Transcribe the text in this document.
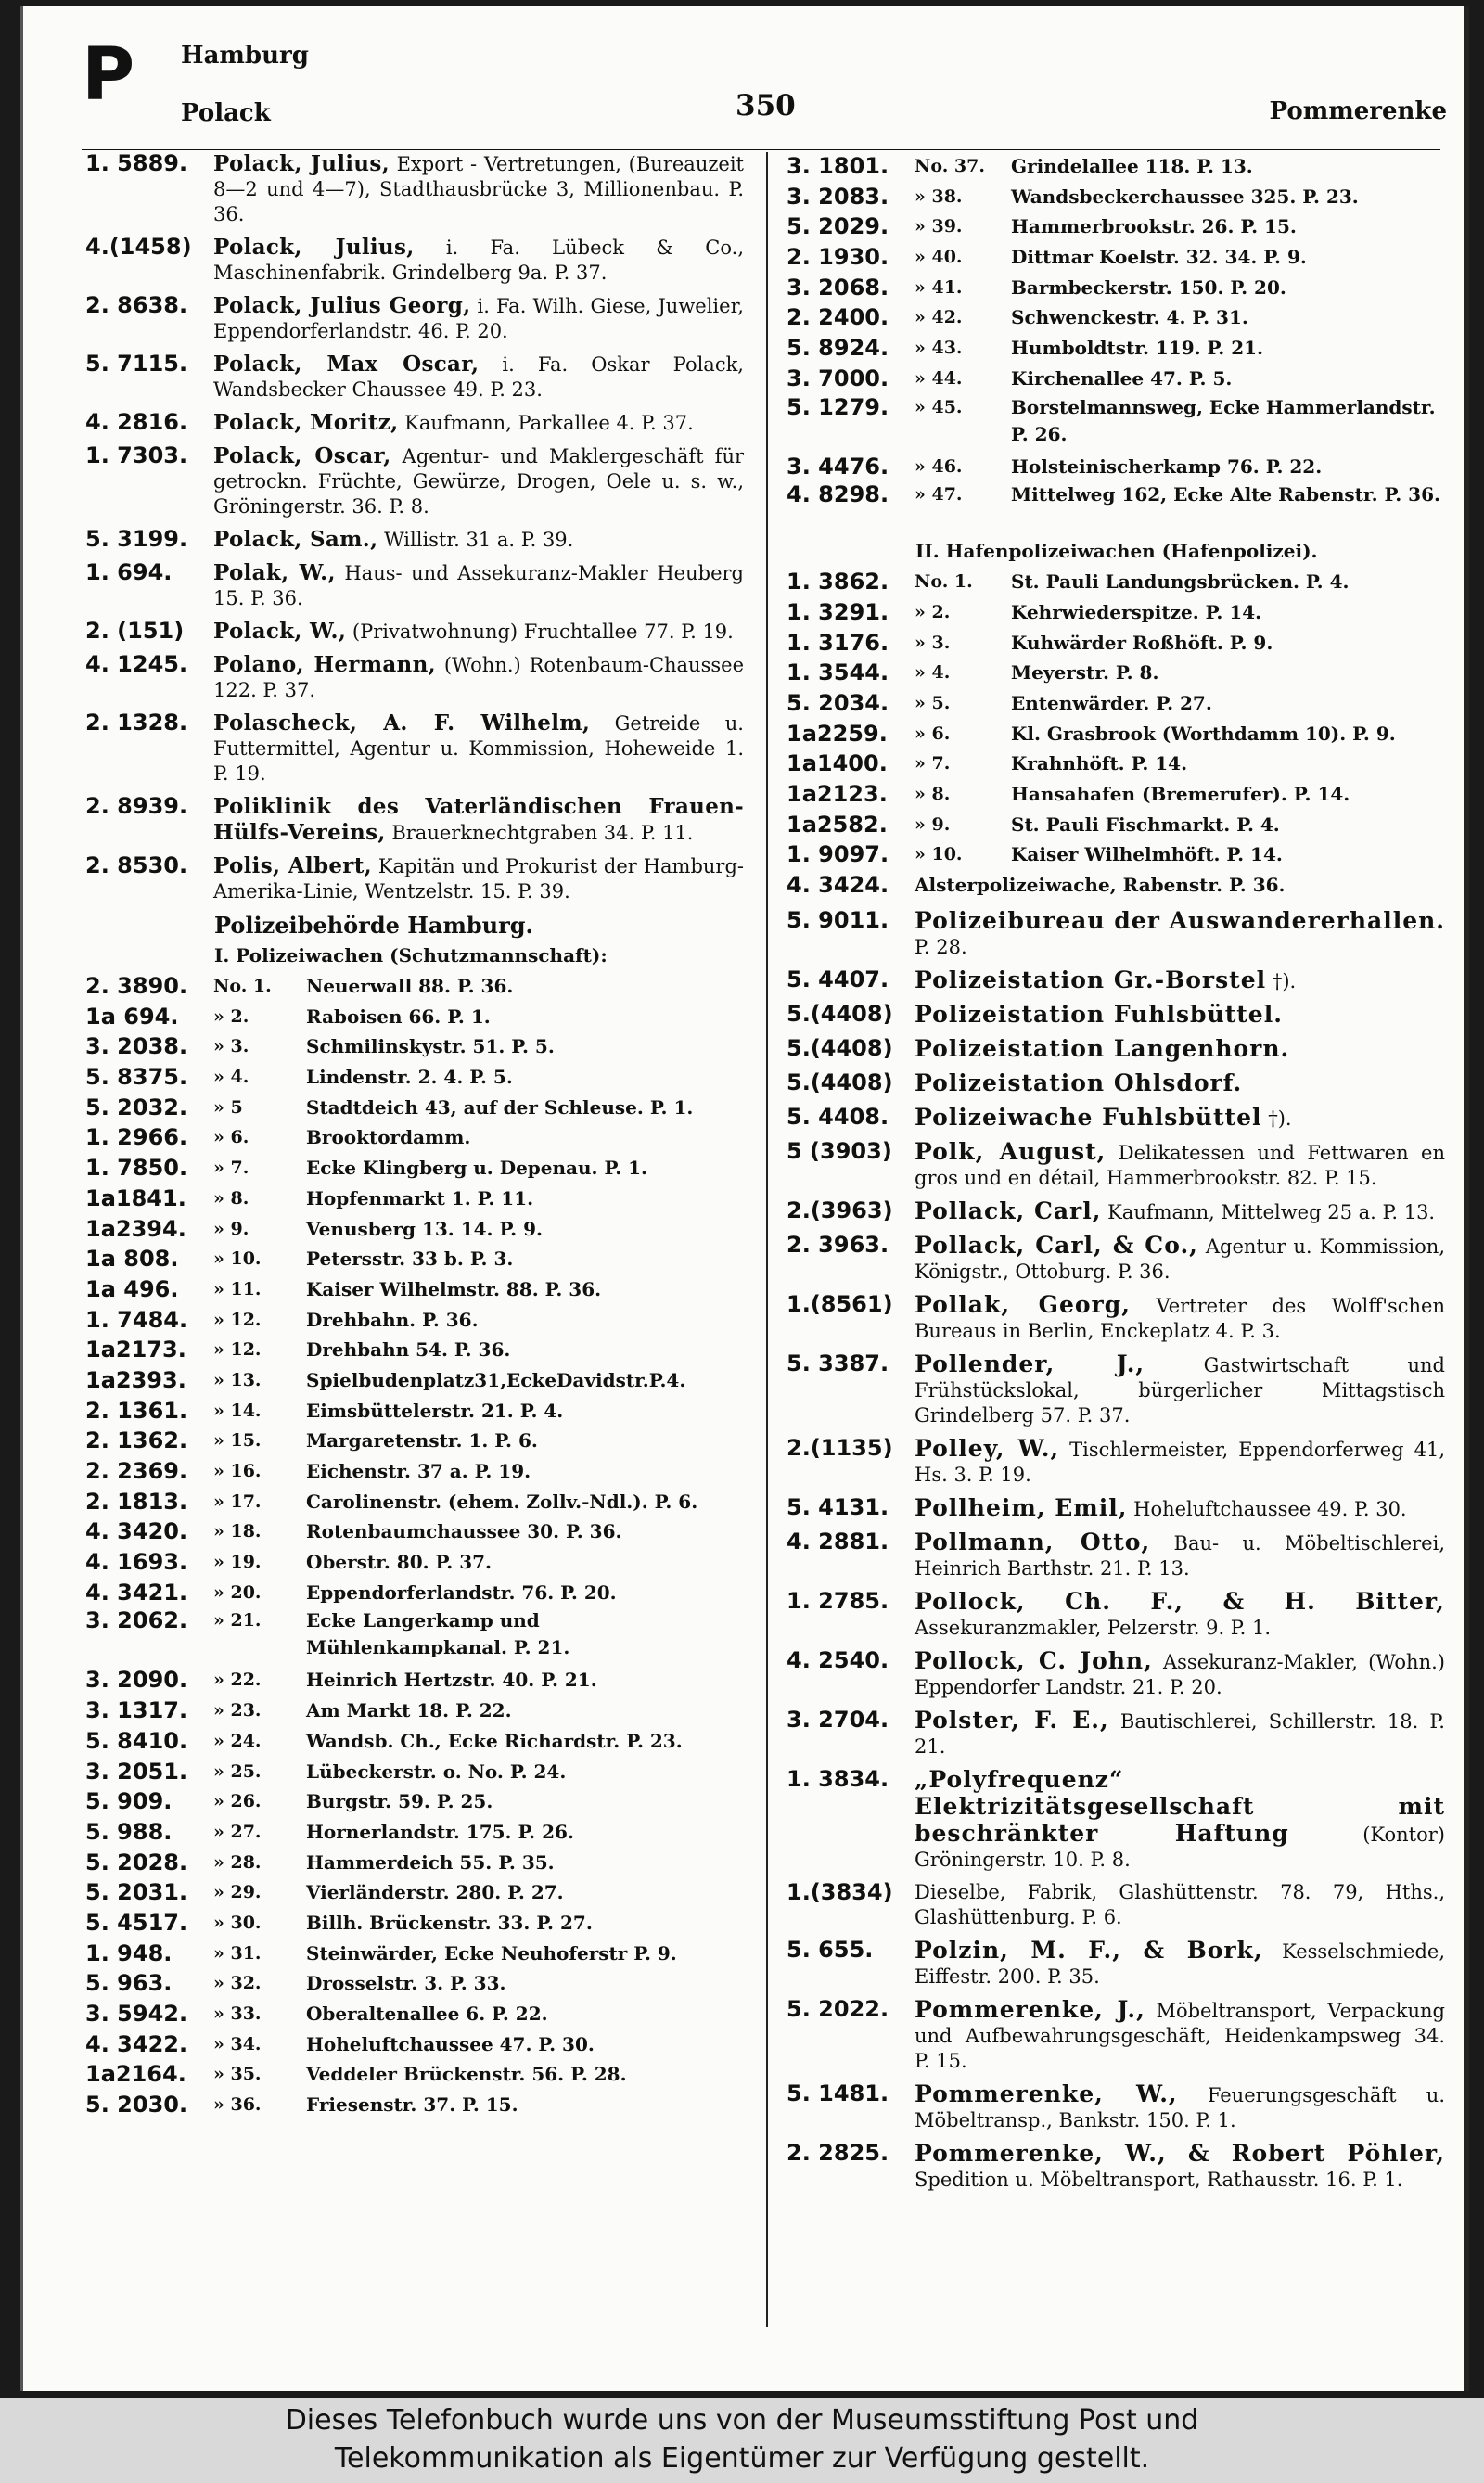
P Hamburg
Polack	350	Pommerenke
1. 5889.	Polack, Julius, Export - Vertretungen, (Bureauzeit 8—2 und 4—7), Stadthausbrücke 3, Millionenbau. P. 36.
4.(1458)	Polack, Julius, i. Fa. Lübeck & Co., Maschinenfabrik. Grindelberg 9a. P. 37.
2. 8638.	Polack, Julius Georg, i. Fa. Wilh. Giese, Juwelier, Eppendorferlandstr. 46. P. 20.
5. 7115.	Polack, Max Oscar, i. Fa. Oskar Polack, Wandsbecker Chaussee 49. P. 23.
4. 2816.	Polack, Moritz, Kaufmann, Parkallee 4. P. 37.
1. 7303.	Polack, Oscar, Agentur- und Maklergeschäft für getrockn. Früchte, Gewürze, Drogen, Oele u. s. w., Gröningerstr. 36. P. 8.
5. 3199.	Polack, Sam., Willistr. 31 a. P. 39.
1. 694.	Polak, W., Haus- und Assekuranz-Makler Heuberg 15. P. 36.
2. (151)	Polack, W., (Privatwohnung) Fruchtallee 77. P. 19.
4. 1245.	Polano, Hermann, (Wohn.) Rotenbaum-Chaussee 122. P. 37.
2. 1328.	Polascheck, A. F. Wilhelm, Getreide u. Futtermittel, Agentur u. Kommission, Hoheweide 1. P. 19.
2. 8939.	Poliklinik des Vaterländischen Frauen-Hülfs-Vereins, Brauerknechtgraben 34. P. 11.
2. 8530.	Polis, Albert, Kapitän und Prokurist der Hamburg-Amerika-Linie, Wentzelstr. 15. P. 39.
Polizeibehörde Hamburg.
I. Polizeiwachen (Schutzmannschaft):
2. 3890.	No. 1.	Neuerwall 88. P. 36.
1a 694.	» 2.	Raboisen 66. P. 1.
3. 2038.	» 3.	Schmilinskystr. 51. P. 5.
5. 8375.	» 4.	Lindenstr. 2. 4. P. 5.
5. 2032.	» 5	Stadtdeich 43, auf der Schleuse. P. 1.
1. 2966.	» 6.	Brooktordamm.
1. 7850.	» 7.	Ecke Klingberg u. Depenau. P. 1.
1a1841.	» 8.	Hopfenmarkt 1. P. 11.
1a2394.	» 9.	Venusberg 13. 14. P. 9.
1a 808.	» 10.	Petersstr. 33 b. P. 3.
1a 496.	» 11.	Kaiser Wilhelmstr. 88. P. 36.
1. 7484.	» 12.	Drehbahn. P. 36.
1a2173.	» 12.	Drehbahn 54. P. 36.
1a2393.	» 13.	Spielbudenplatz31,EckeDavidstr.P.4.
2. 1361.	» 14.	Eimsbüttelerstr. 21. P. 4.
2. 1362.	» 15.	Margaretenstr. 1. P. 6.
2. 2369.	» 16.	Eichenstr. 37 a. P. 19.
2. 1813.	» 17.	Carolinenstr. (ehem. Zollv.-Ndl.). P. 6.
4. 3420.	» 18.	Rotenbaumchaussee 30. P. 36.
4. 1693.	» 19.	Oberstr. 80. P. 37.
4. 3421.	» 20.	Eppendorferlandstr. 76. P. 20.
3. 2062.	» 21.	Ecke Langerkamp und Mühlenkampkanal. P. 21.
3. 2090.	» 22.	Heinrich Hertzstr. 40. P. 21.
3. 1317.	» 23.	Am Markt 18. P. 22.
5. 8410.	» 24.	Wandsb. Ch., Ecke Richardstr. P. 23.
3. 2051.	» 25.	Lübeckerstr. o. No. P. 24.
5. 909.	» 26.	Burgstr. 59. P. 25.
5. 988.	» 27.	Hornerlandstr. 175. P. 26.
5. 2028.	» 28.	Hammerdeich 55. P. 35.
5. 2031.	» 29.	Vierländerstr. 280. P. 27.
5. 4517.	» 30.	Billh. Brückenstr. 33. P. 27.
1. 948.	» 31.	Steinwärder, Ecke Neuhoferstr P. 9.
5. 963.	» 32.	Drosselstr. 3. P. 33.
3. 5942.	» 33.	Oberaltenallee 6. P. 22.
4. 3422.	» 34.	Hoheluftchaussee 47. P. 30.
1a2164.	» 35.	Veddeler Brückenstr. 56. P. 28.
5. 2030.	» 36.	Friesenstr. 37. P. 15.
3. 1801.	No. 37.	Grindelallee 118. P. 13.
3. 2083.	» 38.	Wandsbeckerchaussee 325. P. 23.
5. 2029.	» 39.	Hammerbrookstr. 26. P. 15.
2. 1930.	» 40.	Dittmar Koelstr. 32. 34. P. 9.
3. 2068.	» 41.	Barmbeckerstr. 150. P. 20.
2. 2400.	» 42.	Schwenckestr. 4. P. 31.
5. 8924.	» 43.	Humboldtstr. 119. P. 21.
3. 7000.	» 44.	Kirchenallee 47. P. 5.
5. 1279.	» 45.	Borstelmannsweg, Ecke Hammerlandstr. P. 26.
3. 4476.	» 46.	Holsteinischerkamp 76. P. 22.
4. 8298.	» 47.	Mittelweg 162, Ecke Alte Rabenstr. P. 36.
II. Hafenpolizeiwachen (Hafenpolizei).
1. 3862.	No. 1.	St. Pauli Landungsbrücken. P. 4.
1. 3291.	» 2.	Kehrwiederspitze. P. 14.
1. 3176.	» 3.	Kuhwärder Roßhöft. P. 9.
1. 3544.	» 4.	Meyerstr. P. 8.
5. 2034.	» 5.	Entenwärder. P. 27.
1a2259.	» 6.	Kl. Grasbrook (Worthdamm 10). P. 9.
1a1400.	» 7.	Krahnhöft. P. 14.
1a2123.	» 8.	Hansahafen (Bremerufer). P. 14.
1a2582.	» 9.	St. Pauli Fischmarkt. P. 4.
1. 9097.	» 10.	Kaiser Wilhelmhöft. P. 14.
4. 3424.	Alsterpolizeiwache, Rabenstr. P. 36.
5. 9011.	Polizeibureau der Auswandererhallen. P. 28.
5. 4407.	Polizeistation Gr.-Borstel †).
5.(4408) Polizeistation Fuhlsbüttel.
5.(4408) Polizeistation Langenhorn.
5.(4408) Polizeistation Ohlsdorf.
5. 4408.	Polizeiwache Fuhlsbüttel †).
5 (3903) Polk, August, Delikatessen und Fettwaren en gros und en détail, Hammerbrookstr. 82. P. 15.
2.(3963) Pollack, Carl, Kaufmann, Mittelweg 25 a. P. 13.
2. 3963.	Pollack, Carl, & Co., Agentur u. Kommission, Königstr., Ottoburg. P. 36.
1.(8561) Pollak, Georg, Vertreter des Wolff'schen Bureaus in Berlin, Enckeplatz 4. P. 3.
5. 3387.	Pollender, J.,	Gastwirtschaft und Frühstückslokal, bürgerlicher Mittagstisch Grindelberg 57. P. 37.
2.(1135) Polley, W., Tischlermeister, Eppendorferweg 41, Hs. 3. P. 19.
5. 4131.	Pollheim, Emil, Hoheluftchaussee 49. P. 30.
4. 2881.	Pollmann, Otto, Bau- u. Möbeltischlerei, Heinrich Barthstr. 21. P. 13.
1. 2785.	Pollock, Ch. F., & H. Bitter, Assekuranzmakler, Pelzerstr. 9. P. 1.
4. 2540.	Pollock, C. John, Assekuranz-Makler, (Wohn.) Eppendorfer Landstr. 21. P. 20.
3. 2704.	Polster, F. E., Bautischlerei, Schillerstr. 18. P. 21.
1. 3834.	„Polyfrequenz“ Elektrizitätsgesellschaft mit beschränkter Haftung	(Kontor) Gröningerstr. 10. P. 8.
1.(3834)	Dieselbe, Fabrik, Glashüttenstr. 78. 79, Hths., Glashüttenburg. P. 6.
5. 655.	Polzin, M. F., & Bork, Kesselschmiede, Eiffestr. 200. P. 35.
5. 2022.	Pommerenke, J., Möbeltransport, Verpackung und Aufbewahrungsgeschäft, Heidenkampsweg 34. P. 15.
5. 1481.	Pommerenke, W., Feuerungsgeschäft u. Möbeltransp., Bankstr. 150. P. 1.
2. 2825.	Pommerenke, W., & Robert Pöhler, Spedition u. Möbeltransport, Rathausstr. 16. P. 1.
Dieses Telefonbuch wurde uns von der Museumsstiftung Post und
Telekommunikation als Eigentümer zur Verfügung gestellt.
